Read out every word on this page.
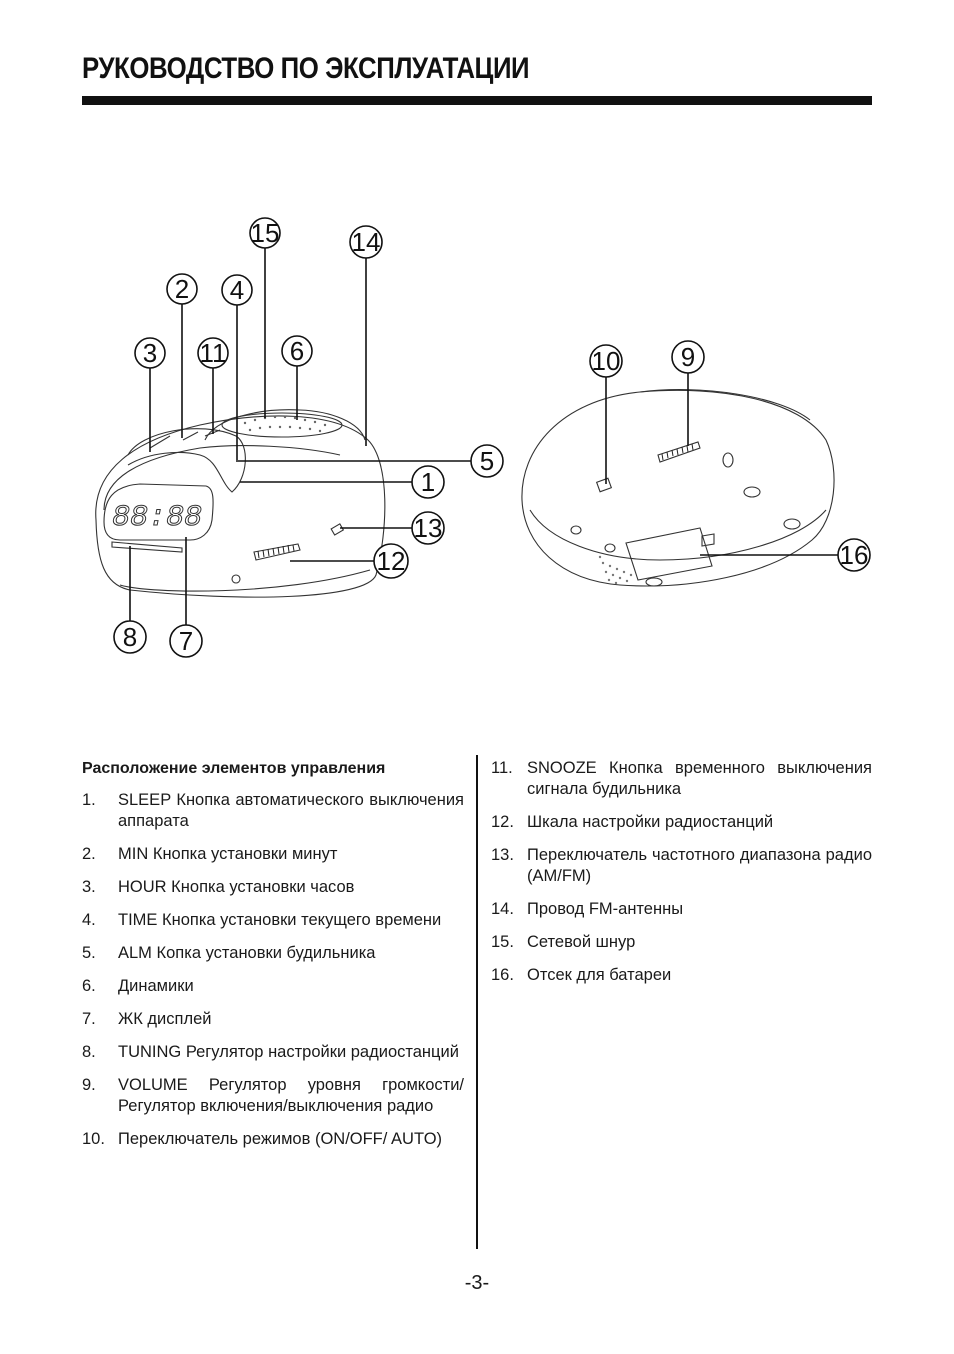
РУКОВОДСТВО ПО ЭКСПЛУАТАЦИИ
88:88
15	14
2 4
3 11 6
5
1
13
12
8 7
10 9
16
Расположение элементов управления
1.	SLEEP Кнопка автоматического выключения аппарата
2.	MIN Кнопка установки минут
3.	HOUR Кнопка установки часов
4.	TIME Кнопка установки текущего времени
5.	ALM Копка установки будильника
6.	Динамики
7.	ЖК дисплей
8.	TUNING Регулятор настройки радиостанций
9.	VOLUME Регулятор уровня громкости/ Регулятор включения/выключения радио
10. Переключатель режимов (ON/OFF/ AUTO)
11. SNOOZE Кнопка временного выключения сигнала будильника
12. Шкала настройки радиостанций
13. Переключатель частотного диапазона радио (AM/FM)
14. Провод FM-антенны
15. Сетевой шнур
16. Отсек для батареи
-3-
